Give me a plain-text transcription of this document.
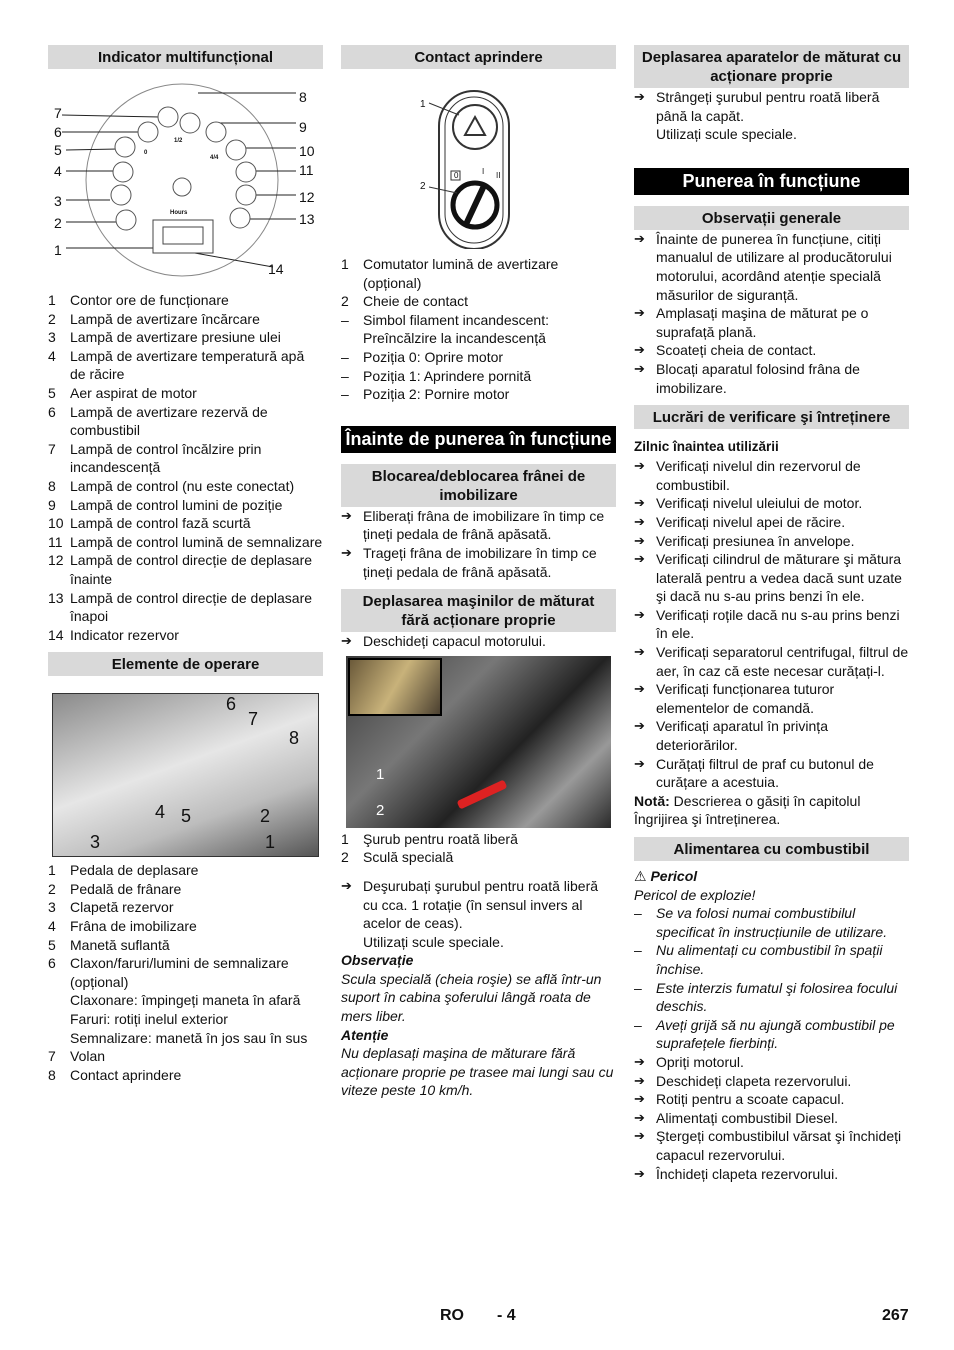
Indicator multifuncțional
Hours
1/2
4/4
0
1
2
3
4
5
6
7
8
9
10
11
12
13
14
1	Contor ore de funcționare
2	Lampă de avertizare încărcare
3	Lampă de avertizare presiune ulei
4	Lampă de avertizare temperatură apă de răcire
5	Aer aspirat de motor
6	Lampă de avertizare rezervă de combustibil
7	Lampă de control încălzire prin incandescență
8	Lampă de control (nu este conectat)
9	Lampă de control lumini de poziție
10 Lampă de control fază scurtă
11 Lampă de control lumină de semnalizare
12 Lampă de control direcție de deplasare înainte
13 Lampă de control direcție de deplasare înapoi
14 Indicator rezervor
Elemente de operare
6
7
8
4 5	2
1
3
1	Pedala de deplasare
2	Pedală de frânare
3	Clapetă rezervor
4	Frâna de imobilizare
5	Manetă suflantă
6	Claxon/faruri/lumini de semnalizare (opțional)
Claxonare: împingeți maneta în afară
Faruri: rotiți inelul exterior
Semnalizare: manetă în jos sau în sus
7	Volan
8	Contact aprindere
Contact aprindere
0	I II
1
2
1	Comutator lumină de avertizare (opțional)
2	Cheie de contact
–	Simbol filament incandescent: Preîncălzire la incandescență
–	Poziția 0: Oprire motor
–	Poziția 1: Aprindere pornită
–	Poziția 2: Pornire motor
Înainte de punerea în funcțiune
Blocarea/deblocarea frânei de imobilizare
➔ Eliberați frâna de imobilizare în timp ce țineți pedala de frână apăsată.
➔ Trageți frâna de imobilizare în timp ce țineți pedala de frână apăsată.
Deplasarea maşinilor de măturat fără acționare proprie
➔ Deschideți capacul motorului.
1
2
1	Şurub pentru roată liberă
2	Sculă specială
➔ Deşurubați şurubul pentru roată liberă cu cca. 1 rotație (în sensul invers al acelor de ceas).
Utilizați scule speciale.
Observație
Scula specială (cheia roşie) se află într-un suport în cabina şoferului lângă roata de mers liber.
Atenție
Nu deplasați maşina de măturare fără acționare proprie pe trasee mai lungi sau cu viteze peste 10 km/h.
Deplasarea aparatelor de măturat cu acționare proprie
➔ Strângeți şurubul pentru roată liberă până la capăt.
Utilizați scule speciale.
Punerea în funcțiune
Observații generale
➔ Înainte de punerea în funcțiune, citiți manualul de utilizare al producătorului motorului, acordând atenție specială măsurilor de siguranță.
➔ Amplasați maşina de măturat pe o suprafață plană.
➔ Scoateți cheia de contact.
➔ Blocați aparatul folosind frâna de imobilizare.
Lucrări de verificare şi întreținere
Zilnic înaintea utilizării
➔ Verificați nivelul din rezervorul de combustibil.
➔ Verificați nivelul uleiului de motor.
➔ Verificați nivelul apei de răcire.
➔ Verificați presiunea în anvelope.
➔ Verificați cilindrul de măturare şi mătura laterală pentru a vedea dacă sunt uzate şi dacă nu s-au prins benzi în ele.
➔ Verificați roțile dacă nu s-au prins benzi în ele.
➔ Verificați separatorul centrifugal, filtrul de aer, în caz că este necesar curățați-l.
➔ Verificați funcționarea tuturor elementelor de comandă.
➔ Verificați aparatul în privința deteriorărilor.
➔ Curățați filtrul de praf cu butonul de curățare a acestuia.
Notă: Descrierea o găsiți în capitolul Îngrijirea şi întreținerea.
Alimentarea cu combustibil
⚠ Pericol
Pericol de explozie!
–	Se va folosi numai combustibilul specificat în instrucțiunile de utilizare.
–	Nu alimentați cu combustibil în spații închise.
–	Este interzis fumatul şi folosirea focului deschis.
–	Aveți grijă să nu ajungă combustibil pe suprafețele fierbinți.
➔ Opriți motorul.
➔ Deschideți clapeta rezervorului.
➔ Rotiți pentru a scoate capacul.
➔ Alimentați combustibil Diesel.
➔ Ştergeți combustibilul vărsat şi închideți capacul rezervorului.
➔ Închideți clapeta rezervorului.
RO - 4	267
